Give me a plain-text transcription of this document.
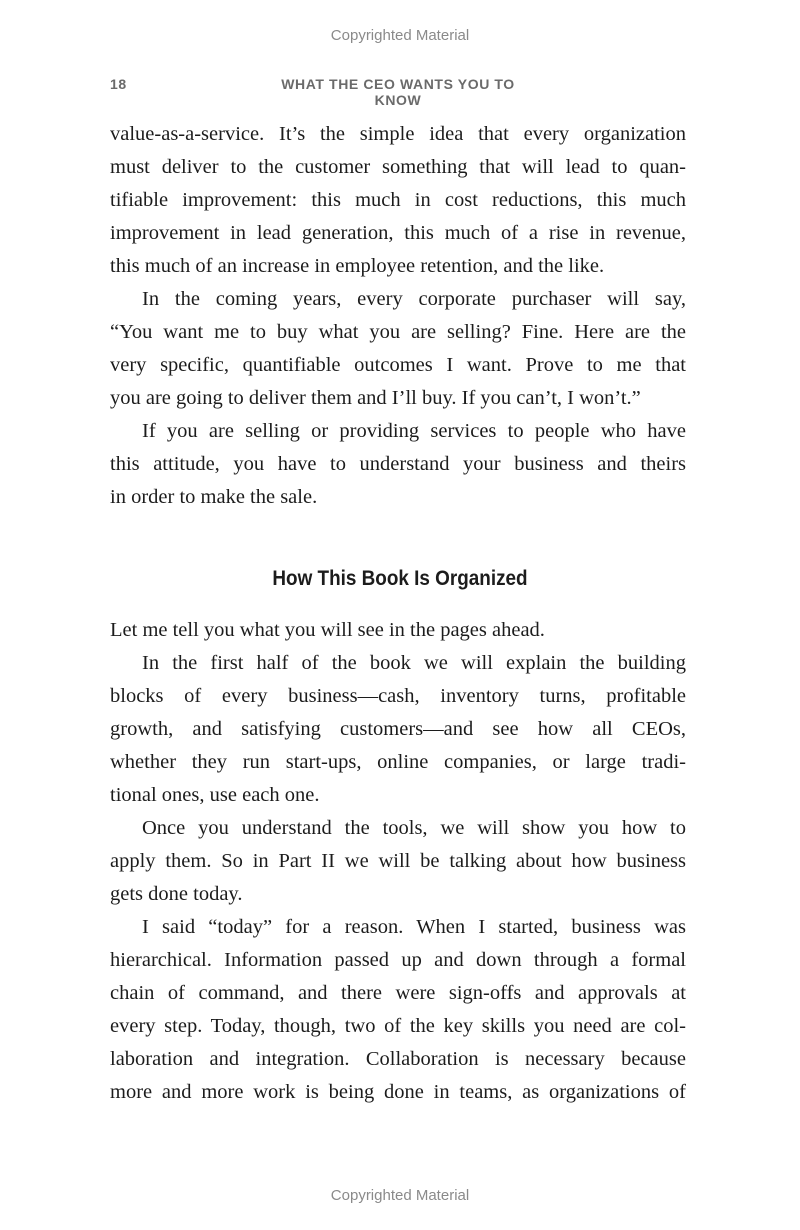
Copyrighted Material
18	WHAT THE CEO WANTS YOU TO KNOW
value-as-a-service. It’s the simple idea that every organization
must deliver to the customer something that will lead to quan-
tifiable improvement: this much in cost reductions, this much
improvement in lead generation, this much of a rise in revenue,
this much of an increase in employee retention, and the like.
In the coming years, every corporate purchaser will say,
“You want me to buy what you are selling? Fine. Here are the
very specific, quantifiable outcomes I want. Prove to me that
you are going to deliver them and I’ll buy. If you can’t, I won’t.”
If you are selling or providing services to people who have
this attitude, you have to understand your business and theirs
in order to make the sale.
How This Book Is Organized
Let me tell you what you will see in the pages ahead.
In the first half of the book we will explain the building
blocks of every business—cash, inventory turns, profitable
growth, and satisfying customers—and see how all CEOs,
whether they run start-ups, online companies, or large tradi-
tional ones, use each one.
Once you understand the tools, we will show you how to
apply them. So in Part II we will be talking about how business
gets done today.
I said “today” for a reason. When I started, business was
hierarchical. Information passed up and down through a formal
chain of command, and there were sign-offs and approvals at
every step. Today, though, two of the key skills you need are col-
laboration and integration. Collaboration is necessary because
more and more work is being done in teams, as organizations of
Copyrighted Material
